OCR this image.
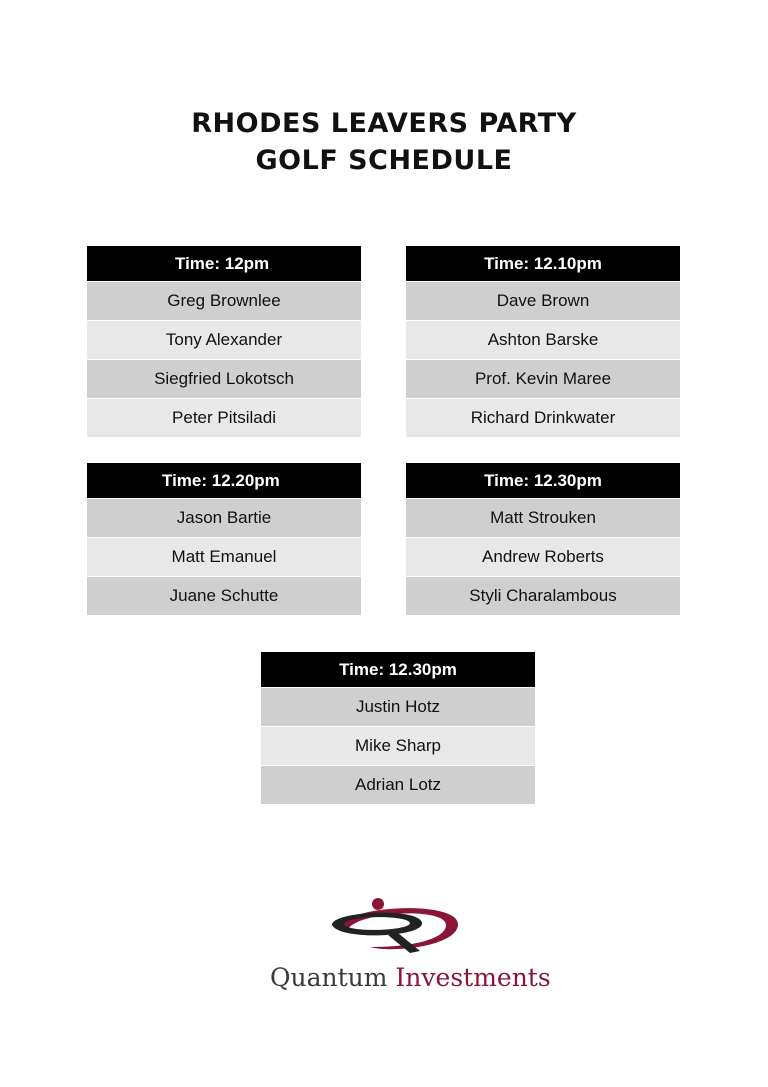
RHODES LEAVERS PARTY
GOLF SCHEDULE
Time: 12pm
Greg Brownlee
Tony Alexander
Siegfried Lokotsch
Peter Pitsiladi
Time: 12.10pm
Dave Brown
Ashton Barske
Prof. Kevin Maree
Richard Drinkwater
Time: 12.20pm
Jason Bartie
Matt Emanuel
Juane Schutte
Time: 12.30pm
Matt Strouken
Andrew Roberts
Styli Charalambous
Time: 12.30pm
Justin Hotz
Mike Sharp
Adrian Lotz
Quantum Investments
